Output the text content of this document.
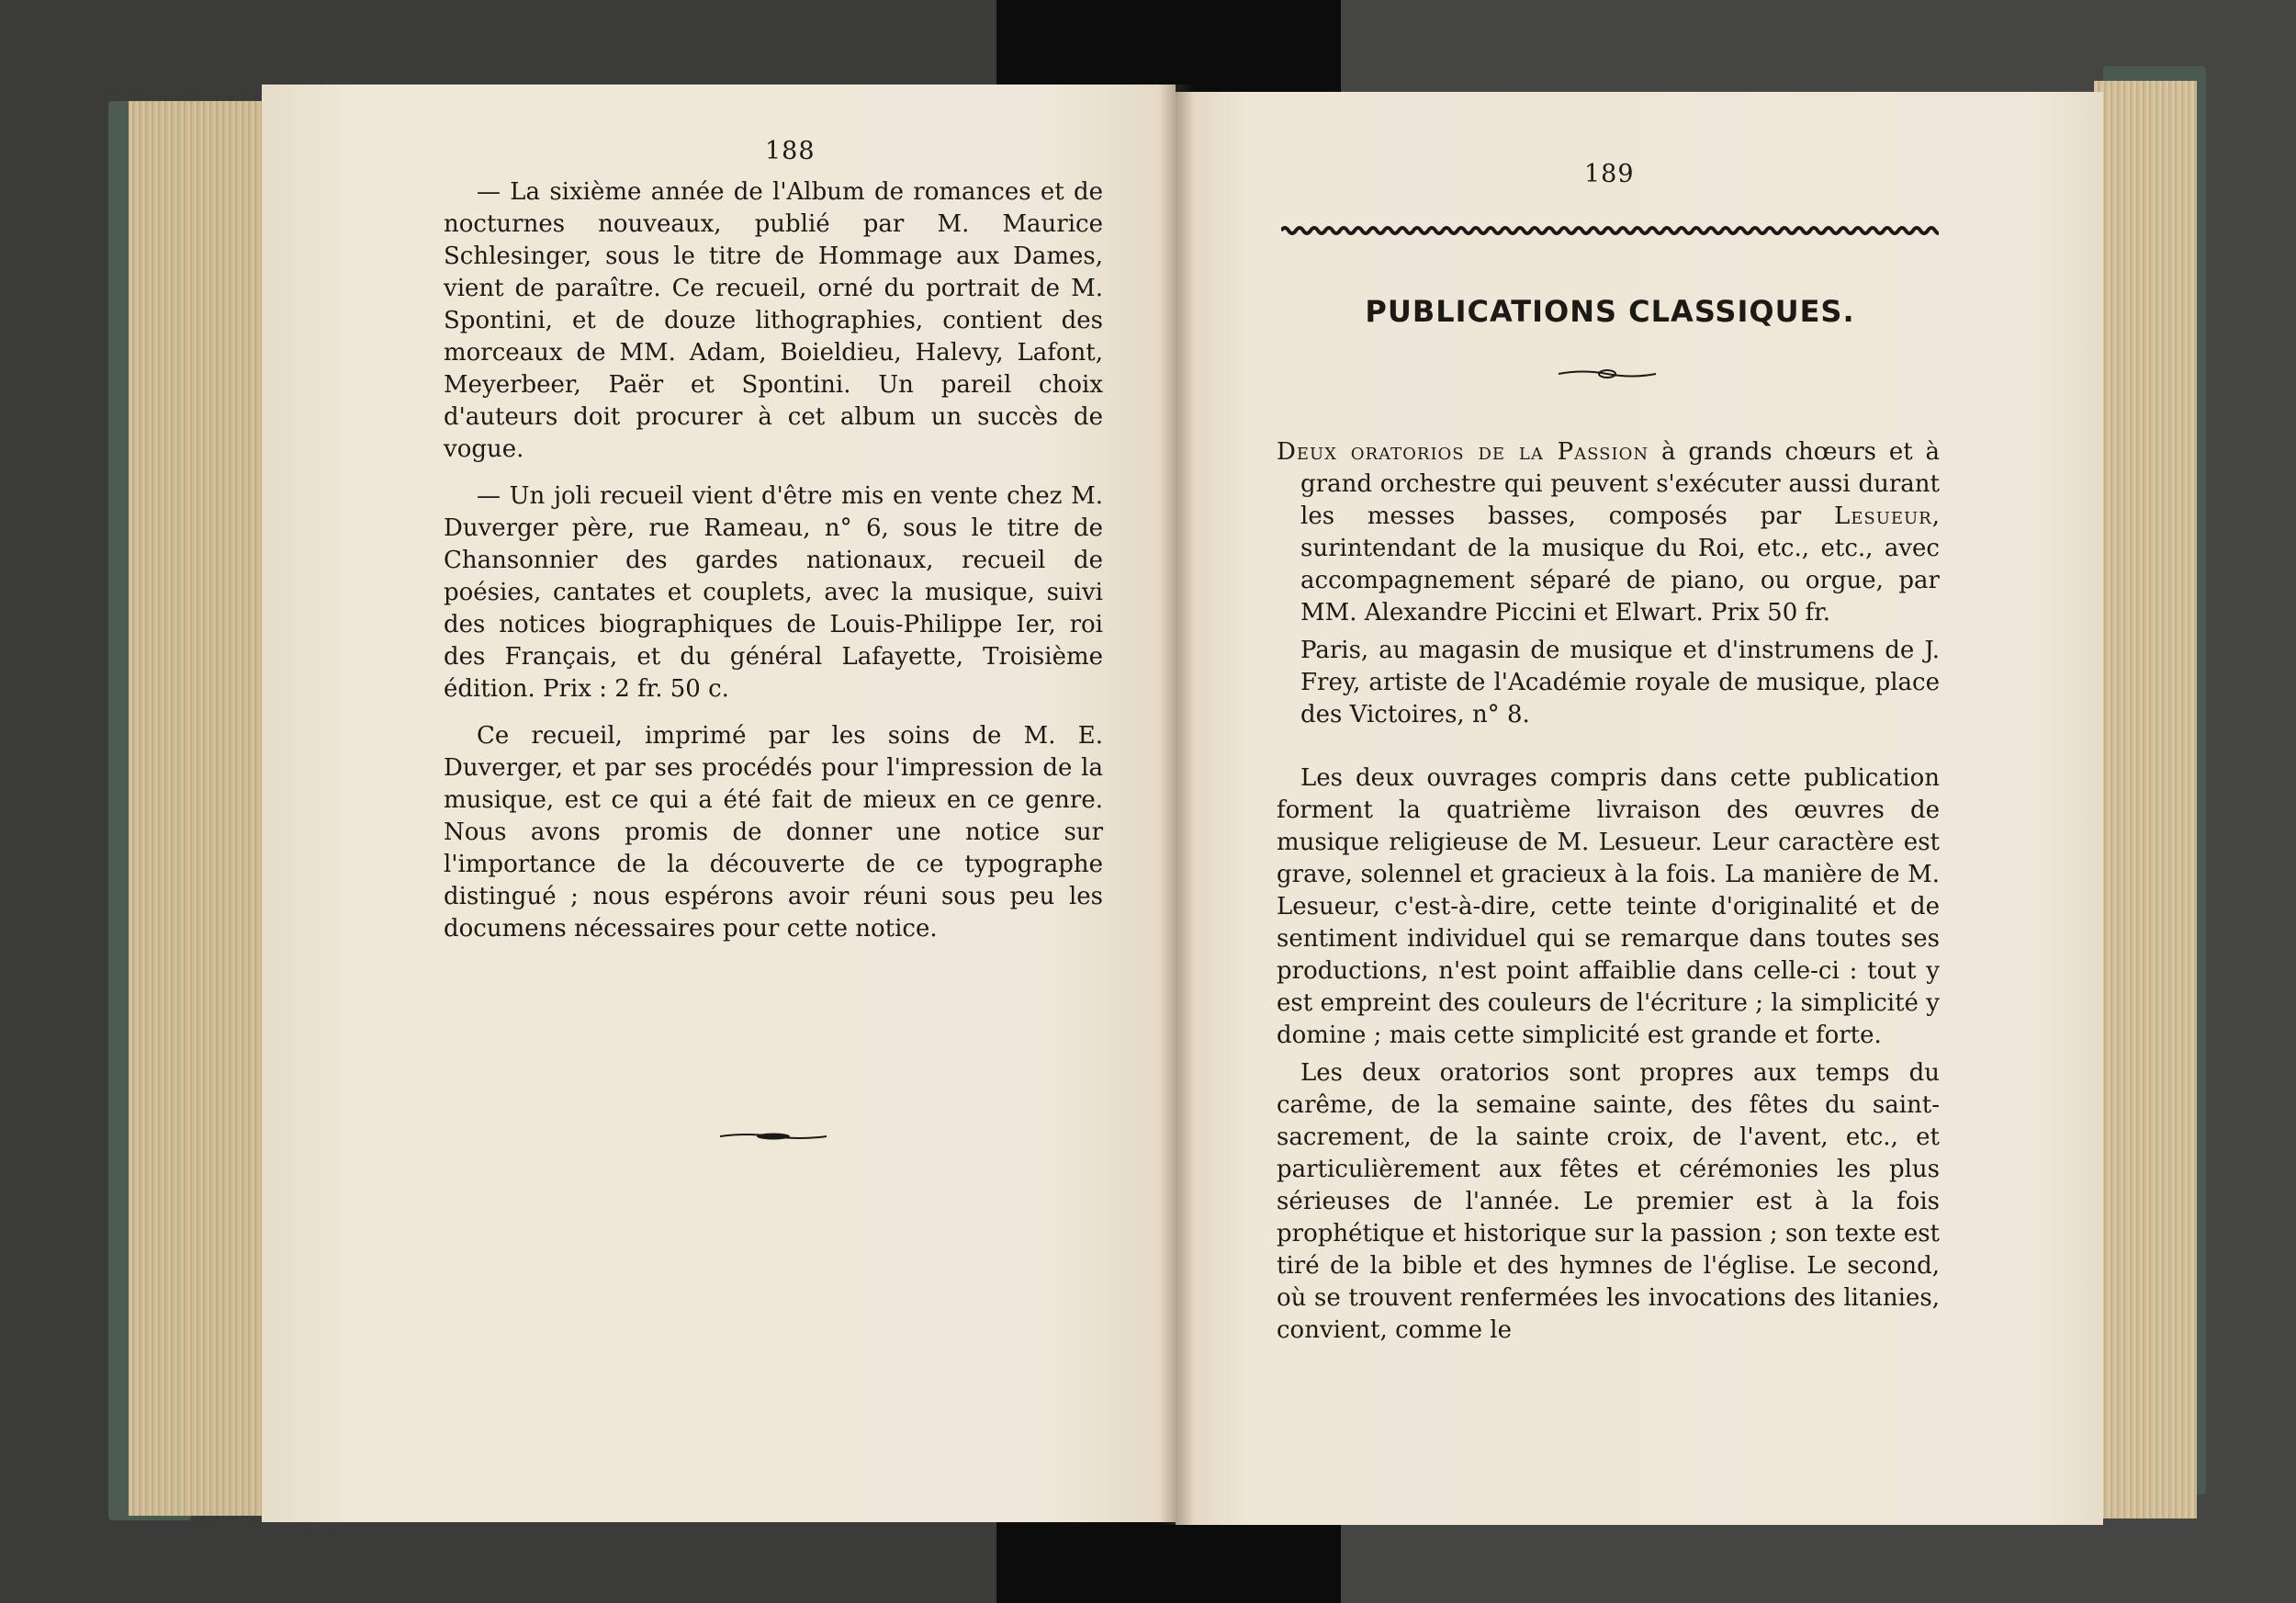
188

— La sixième année de l'Album de romances et de nocturnes nouveaux, publié par M. Maurice Schlesinger, sous le titre de Hommage aux Dames, vient de paraître. Ce recueil, orné du portrait de M. Spontini, et de douze lithographies, contient des morceaux de MM. Adam, Boieldieu, Halevy, Lafont, Meyerbeer, Paër et Spontini. Un pareil choix d'auteurs doit procurer à cet album un succès de vogue.

— Un joli recueil vient d'être mis en vente chez M. Duverger père, rue Rameau, n° 6, sous le titre de Chansonnier des gardes nationaux, recueil de poésies, cantates et couplets, avec la musique, suivi des notices biographiques de Louis-Philippe Ier, roi des Français, et du général Lafayette, Troisième édition. Prix : 2 fr. 50 c.

Ce recueil, imprimé par les soins de M. E. Duverger, et par ses procédés pour l'impression de la musique, est ce qui a été fait de mieux en ce genre. Nous avons promis de donner une notice sur l'importance de la découverte de ce typographe distingué ; nous espérons avoir réuni sous peu les documens nécessaires pour cette notice.

189
PUBLICATIONS CLASSIQUES.

Deux oratorios de la Passion à grands chœurs et à grand orchestre qui peuvent s'exécuter aussi durant les messes basses, composés par Lesueur, surintendant de la musique du Roi, etc., etc., avec accompagnement séparé de piano, ou orgue, par MM. Alexandre Piccini et Elwart. Prix 50 fr.

Paris, au magasin de musique et d'instrumens de J. Frey, artiste de l'Académie royale de musique, place des Victoires, n° 8.

Les deux ouvrages compris dans cette publication forment la quatrième livraison des œuvres de musique religieuse de M. Lesueur. Leur caractère est grave, solennel et gracieux à la fois. La manière de M. Lesueur, c'est-à-dire, cette teinte d'originalité et de sentiment individuel qui se remarque dans toutes ses productions, n'est point affaiblie dans celle-ci : tout y est empreint des couleurs de l'écriture ; la simplicité y domine ; mais cette simplicité est grande et forte.

Les deux oratorios sont propres aux temps du carême, de la semaine sainte, des fêtes du saint-sacrement, de la sainte croix, de l'avent, etc., et particulièrement aux fêtes et cérémonies les plus sérieuses de l'année. Le premier est à la fois prophétique et historique sur la passion ; son texte est tiré de la bible et des hymnes de l'église. Le second, où se trouvent renfermées les invocations des litanies, convient, comme le
